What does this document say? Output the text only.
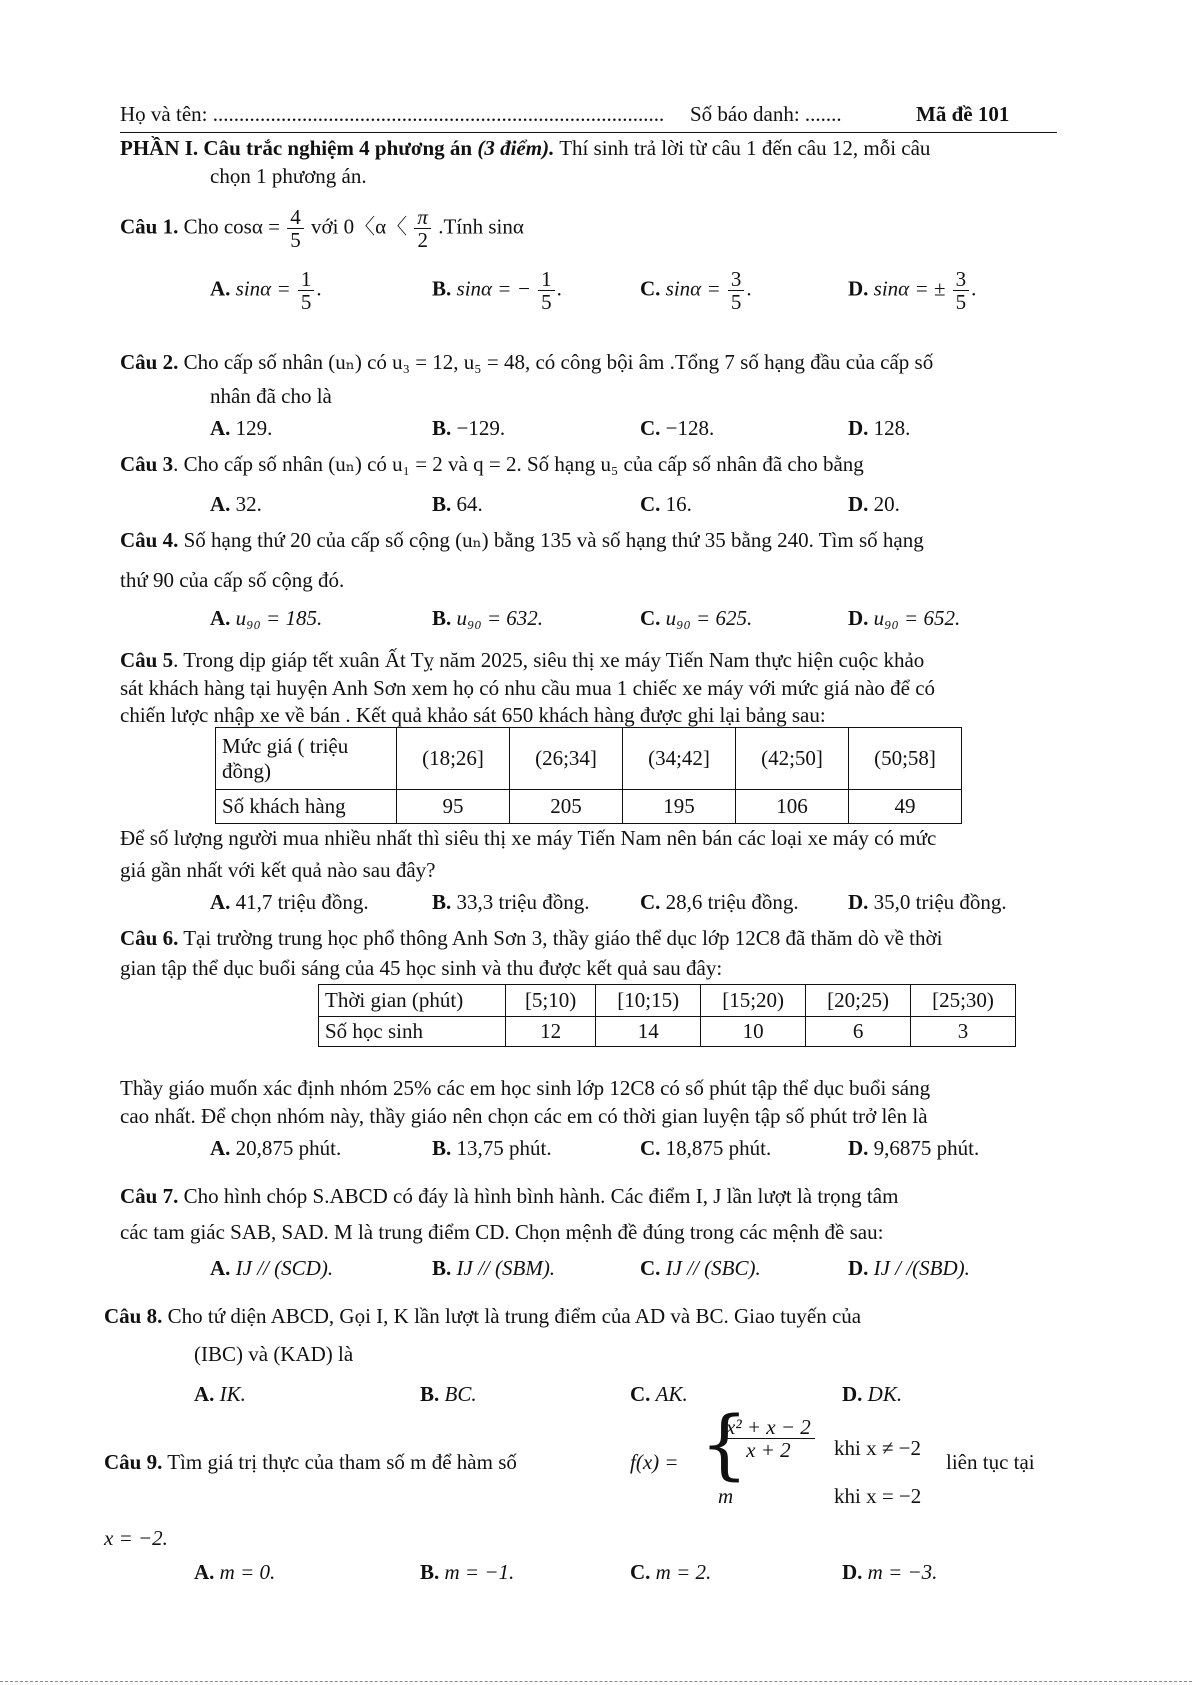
Họ và tên: ...................................................................................... Số báo danh: .......	Mã đề 101
PHẦN I. Câu trắc nghiệm 4 phương án (3 điểm). Thí sinh trả lời từ câu 1 đến câu 12, mỗi câu
chọn 1 phương án.
Câu 1. Cho $\cos\alpha = \frac{4}{5}$ với 0〈α〈 $\frac{\pi}{2}$ .Tính sinα
A. $\sin\alpha = \frac{1}{5}$ .	B. sinα = − $\frac{1}{5}$ .	C. $\sin\alpha = \frac{3}{5}$ .	D. sinα = ± $\frac{3}{5}$ .
Câu 2. Cho cấp số nhân (uₙ) có u₃ = 12, u₅ = 48, có công bội âm .Tổng 7 số hạng đầu của cấp số
nhân đã cho là
A. 129.	B. −129.	C. −128.	D. 128.
Câu 3. Cho cấp số nhân (uₙ) có u₁ = 2 và q = 2. Số hạng u₅ của cấp số nhân đã cho bằng
A. 32.	B. 64.	C. 16.	D. 20.
Câu 4. Số hạng thứ 20 của cấp số cộng (uₙ) bằng 135 và số hạng thứ 35 bằng 240. Tìm số hạng
thứ 90 của cấp số cộng đó.
A. u₉₀ = 185.	B. u₉₀ = 632.	C. u₉₀ = 625.	D. u₉₀ = 652.
Câu 5. Trong dịp giáp tết xuân Ất Tỵ năm 2025, siêu thị xe máy Tiến Nam thực hiện cuộc khảo
sát khách hàng tại huyện Anh Sơn xem họ có nhu cầu mua 1 chiếc xe máy với mức giá nào để có
chiến lược nhập xe về bán . Kết quả khảo sát 650 khách hàng được ghi lại bảng sau:
Mức giá ( triệu
đồng)	(18;26]	(26;34]	(34;42]	(42;50]	(50;58]
Số khách hàng	95	205	195	106	49
Để số lượng người mua nhiều nhất thì siêu thị xe máy Tiến Nam nên bán các loại xe máy có mức
giá gần nhất với kết quả nào sau đây?
A. 41,7 triệu đồng.	B. 33,3 triệu đồng. C. 28,6 triệu đồng. D. 35,0 triệu đồng.
Câu 6. Tại trường trung học phổ thông Anh Sơn 3, thầy giáo thể dục lớp 12C8 đã thăm dò về thời
gian tập thể dục buổi sáng của 45 học sinh và thu được kết quả sau đây:
Thời gian (phút)	[5;10)	[10;15)	[15;20)	[20;25)	[25;30)
Số học sinh	12	14	10	6	3
Thầy giáo muốn xác định nhóm 25% các em học sinh lớp 12C8 có số phút tập thể dục buổi sáng
cao nhất. Để chọn nhóm này, thầy giáo nên chọn các em có thời gian luyện tập số phút trở lên là
A. 20,875 phút.	B. 13,75 phút.	C. 18,875 phút.	D. 9,6875 phút.
Câu 7. Cho hình chóp S.ABCD có đáy là hình bình hành. Các điểm I, J lần lượt là trọng tâm
các tam giác SAB, SAD. M là trung điểm CD. Chọn mệnh đề đúng trong các mệnh đề sau:
A. IJ // (SCD).	B. IJ // (SBM).	C. IJ // (SBC).	D. IJ / /(SBD).
Câu 8. Cho tứ diện ABCD, Gọi I, K lần lượt là trung điểm của AD và BC. Giao tuyến của
(IBC) và (KAD) là
A. IK.	B. BC.	C. AK.	D. DK.
Câu 9. Tìm giá trị thực của tham số m để hàm số	f(x) = {
$\frac{\text{x² + x − 2}}{x + 2}$ khi x ≠ −2
m	khi x = −2
liên tục tại
x = −2.
A. m = 0.	B. m = −1.	C. m = 2.	D. m = −3.
